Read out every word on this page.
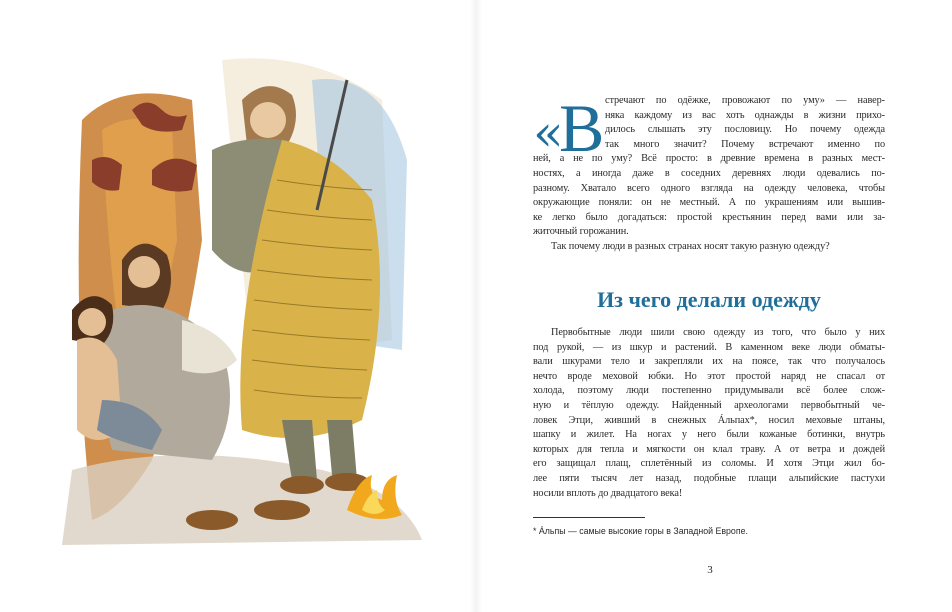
«
В стречают по одёжке, провожают по уму» — навер-
няка каждому из вас хоть однажды в жизни прихо-
дилось слышать эту пословицу. Но почему одежда
так много значит? Почему встречают именно по
ней, а не по уму? Всё просто: в древние времена в разных мест-
ностях, а иногда даже в соседних деревнях люди одевались по-
разному. Хватало всего одного взгляда на одежду человека, чтобы
окружающие поняли: он не местный. А по украшениям или вышив-
ке легко было догадаться: простой крестьянин перед вами или за-
житочный горожанин.
Так почему люди в разных странах носят такую разную одежду?
Из чего делали одежду
Первобытные люди шили свою одежду из того, что было у них
под рукой, — из шкур и растений. В каменном веке люди обматы-
вали шкурами тело и закрепляли их на поясе, так что получалось
нечто вроде меховой юбки. Но этот простой наряд не спасал от
холода, поэтому люди постепенно придумывали всё более слож-
ную и тёплую одежду. Найденный археологами первобытный че-
ловек Этци, живший в снежных Áльпах*, носил меховые штаны,
шапку и жилет. На ногах у него были кожаные ботинки, внутрь
которых для тепла и мягкости он клал траву. А от ветра и дождей
его защищал плащ, сплетённый из соломы. И хотя Этци жил бо-
лее пяти тысяч лет назад, подобные плащи альпийские пастухи
носили вплоть до двадцатого века!
* Áльпы — самые высокие горы в Западной Европе.
3
